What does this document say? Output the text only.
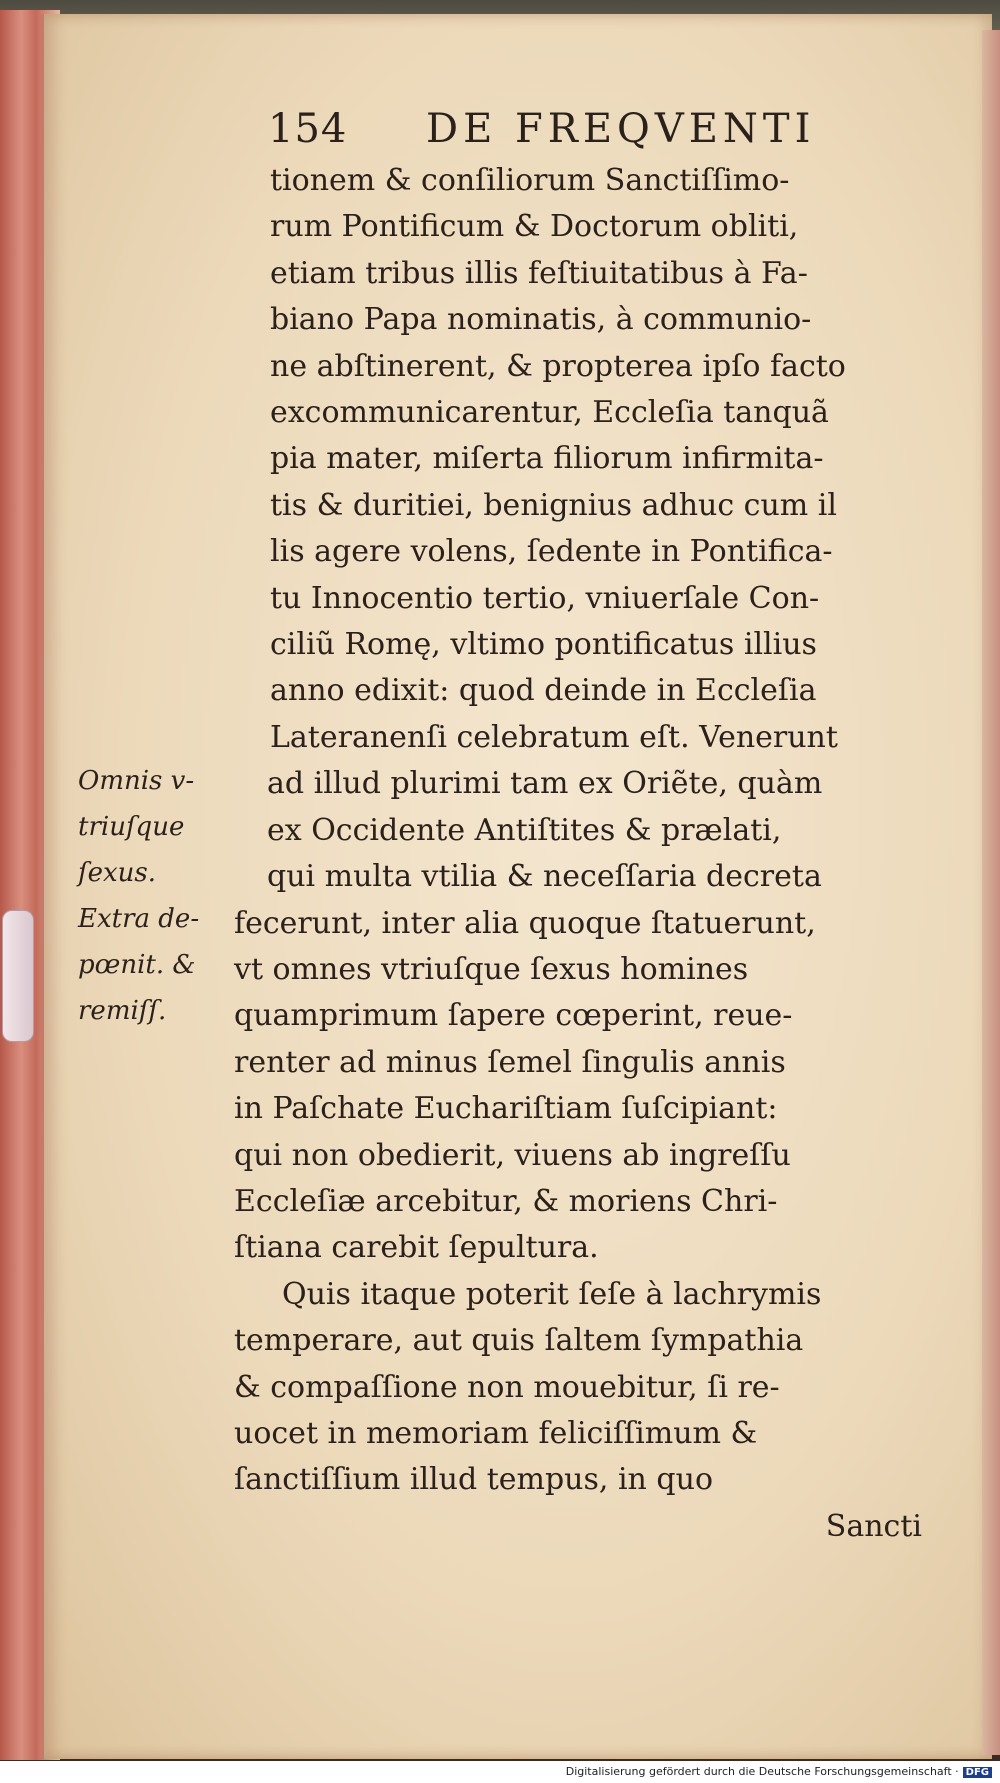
154 DE FREQVENTI
tionem & conſiliorum Sanctiſſimo-
rum Pontificum & Doctorum obliti,
etiam tribus illis feſtiuitatibus à Fa-
biano Papa nominatis, à communio-
ne abſtinerent, & propterea ipſo facto
excommunicarentur, Eccleſia tanquã
pia mater, miſerta filiorum infirmita-
tis & duritiei, benignius adhuc cum il
lis agere volens, ſedente in Pontifica-
tu Innocentio tertio, vniuerſale Con-
ciliũ Romę, vltimo pontificatus illius
anno edixit: quod deinde in Eccleſia
Lateranenſi celebratum eſt. Venerunt
ad illud plurimi tam ex Oriẽte, quàm
ex Occidente Antiſtites & prælati,
qui multa vtilia & neceſſaria decreta
fecerunt, inter alia quoque ſtatuerunt,
vt omnes vtriuſque ſexus homines
quamprimum ſapere cœperint, reue-
renter ad minus ſemel ſingulis annis
in Paſchate Euchariſtiam ſuſcipiant:
qui non obedierit, viuens ab ingreſſu
Eccleſiæ arcebitur, & moriens Chri-
ſtiana carebit ſepultura.
Quis itaque poterit ſeſe à lachrymis
temperare, aut quis ſaltem ſympathia
& compaſſione non mouebitur, ſi re-
uocet in memoriam feliciſſimum &
ſanctiſſium illud tempus, in quo
Sancti
Omnis v-
triuſque
ſexus.
Extra de-
pœnit. &
remiſſ.
Digitalisierung gefördert durch die Deutsche Forschungsgemeinschaft · DFG
